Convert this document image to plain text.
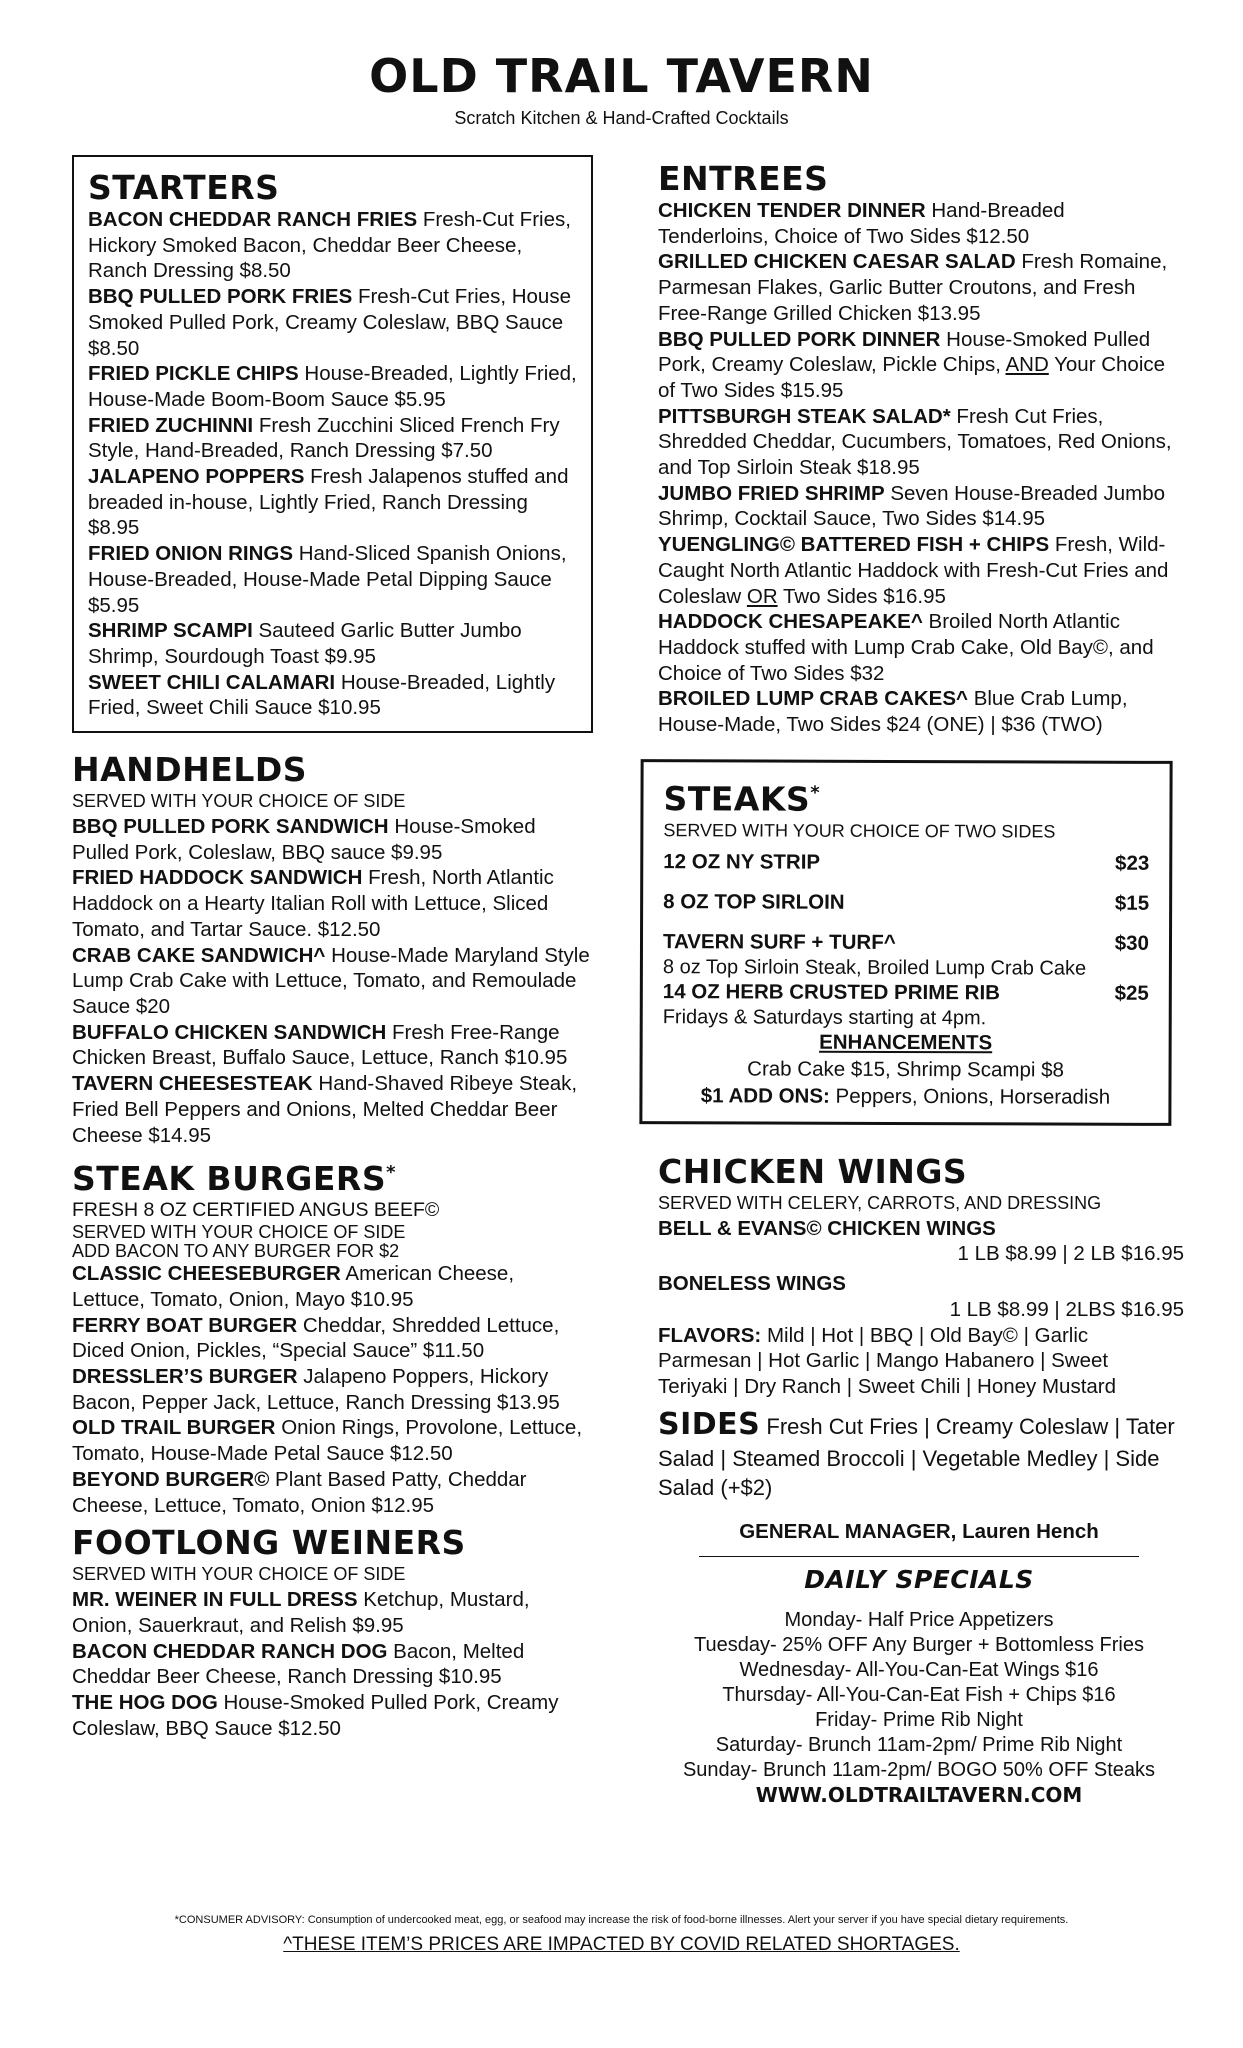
OLD TRAIL TAVERN
Scratch Kitchen & Hand-Crafted Cocktails
STARTERS
BACON CHEDDAR RANCH FRIES Fresh-Cut Fries, Hickory Smoked Bacon, Cheddar Beer Cheese, Ranch Dressing $8.50
BBQ PULLED PORK FRIES Fresh-Cut Fries, House Smoked Pulled Pork, Creamy Coleslaw, BBQ Sauce $8.50
FRIED PICKLE CHIPS House-Breaded, Lightly Fried, House-Made Boom-Boom Sauce $5.95
FRIED ZUCHINNI Fresh Zucchini Sliced French Fry Style, Hand-Breaded, Ranch Dressing $7.50
JALAPENO POPPERS Fresh Jalapenos stuffed and breaded in-house, Lightly Fried, Ranch Dressing $8.95
FRIED ONION RINGS Hand-Sliced Spanish Onions, House-Breaded, House-Made Petal Dipping Sauce $5.95
SHRIMP SCAMPI Sauteed Garlic Butter Jumbo Shrimp, Sourdough Toast $9.95
SWEET CHILI CALAMARI House-Breaded, Lightly Fried, Sweet Chili Sauce $10.95
HANDHELDS
SERVED WITH YOUR CHOICE OF SIDE
BBQ PULLED PORK SANDWICH House-Smoked Pulled Pork, Coleslaw, BBQ sauce $9.95
FRIED HADDOCK SANDWICH Fresh, North Atlantic Haddock on a Hearty Italian Roll with Lettuce, Sliced Tomato, and Tartar Sauce. $12.50
CRAB CAKE SANDWICH^ House-Made Maryland Style Lump Crab Cake with Lettuce, Tomato, and Remoulade Sauce $20
BUFFALO CHICKEN SANDWICH Fresh Free-Range Chicken Breast, Buffalo Sauce, Lettuce, Ranch $10.95
TAVERN CHEESESTEAK Hand-Shaved Ribeye Steak, Fried Bell Peppers and Onions, Melted Cheddar Beer Cheese $14.95
STEAK BURGERS*
FRESH 8 OZ CERTIFIED ANGUS BEEF©
SERVED WITH YOUR CHOICE OF SIDE
ADD BACON TO ANY BURGER FOR $2
CLASSIC CHEESEBURGER American Cheese, Lettuce, Tomato, Onion, Mayo $10.95
FERRY BOAT BURGER Cheddar, Shredded Lettuce, Diced Onion, Pickles, “Special Sauce” $11.50
DRESSLER’S BURGER Jalapeno Poppers, Hickory Bacon, Pepper Jack, Lettuce, Ranch Dressing $13.95
OLD TRAIL BURGER Onion Rings, Provolone, Lettuce, Tomato, House-Made Petal Sauce $12.50
BEYOND BURGER© Plant Based Patty, Cheddar Cheese, Lettuce, Tomato, Onion $12.95
FOOTLONG WEINERS
SERVED WITH YOUR CHOICE OF SIDE
MR. WEINER IN FULL DRESS Ketchup, Mustard, Onion, Sauerkraut, and Relish $9.95
BACON CHEDDAR RANCH DOG Bacon, Melted Cheddar Beer Cheese, Ranch Dressing $10.95
THE HOG DOG House-Smoked Pulled Pork, Creamy Coleslaw, BBQ Sauce $12.50
ENTREES
CHICKEN TENDER DINNER Hand-Breaded Tenderloins, Choice of Two Sides $12.50
GRILLED CHICKEN CAESAR SALAD Fresh Romaine, Parmesan Flakes, Garlic Butter Croutons, and Fresh Free-Range Grilled Chicken $13.95
BBQ PULLED PORK DINNER House-Smoked Pulled Pork, Creamy Coleslaw, Pickle Chips, AND Your Choice of Two Sides $15.95
PITTSBURGH STEAK SALAD* Fresh Cut Fries, Shredded Cheddar, Cucumbers, Tomatoes, Red Onions, and Top Sirloin Steak $18.95
JUMBO FRIED SHRIMP Seven House-Breaded Jumbo Shrimp, Cocktail Sauce, Two Sides $14.95
YUENGLING© BATTERED FISH + CHIPS Fresh, Wild-Caught North Atlantic Haddock with Fresh-Cut Fries and Coleslaw OR Two Sides $16.95
HADDOCK CHESAPEAKE^ Broiled North Atlantic Haddock stuffed with Lump Crab Cake, Old Bay©, and Choice of Two Sides $32
BROILED LUMP CRAB CAKES^ Blue Crab Lump, House-Made, Two Sides $24 (ONE) | $36 (TWO)
STEAKS*
SERVED WITH YOUR CHOICE OF TWO SIDES
12 OZ NY STRIP	$23
8 OZ TOP SIRLOIN	$15
TAVERN SURF + TURF^	$30
8 oz Top Sirloin Steak, Broiled Lump Crab Cake
14 OZ HERB CRUSTED PRIME RIB	$25
Fridays & Saturdays starting at 4pm.
ENHANCEMENTS
Crab Cake $15, Shrimp Scampi $8
$1 ADD ONS: Peppers, Onions, Horseradish
CHICKEN WINGS
SERVED WITH CELERY, CARROTS, AND DRESSING
BELL & EVANS© CHICKEN WINGS
1 LB $8.99 | 2 LB $16.95
BONELESS WINGS
1 LB $8.99 | 2LBS $16.95
FLAVORS: Mild | Hot | BBQ | Old Bay© | Garlic Parmesan | Hot Garlic | Mango Habanero | Sweet Teriyaki | Dry Ranch | Sweet Chili | Honey Mustard
SIDES Fresh Cut Fries | Creamy Coleslaw | Tater Salad | Steamed Broccoli | Vegetable Medley | Side Salad (+$2)
GENERAL MANAGER, Lauren Hench
DAILY SPECIALS
Monday- Half Price Appetizers
Tuesday- 25% OFF Any Burger + Bottomless Fries
Wednesday- All-You-Can-Eat Wings $16
Thursday- All-You-Can-Eat Fish + Chips $16
Friday- Prime Rib Night
Saturday- Brunch 11am-2pm/ Prime Rib Night
Sunday- Brunch 11am-2pm/ BOGO 50% OFF Steaks
WWW.OLDTRAILTAVERN.COM
*CONSUMER ADVISORY: Consumption of undercooked meat, egg, or seafood may increase the risk of food-borne illnesses. Alert your server if you have special dietary requirements.
^THESE ITEM’S PRICES ARE IMPACTED BY COVID RELATED SHORTAGES.
